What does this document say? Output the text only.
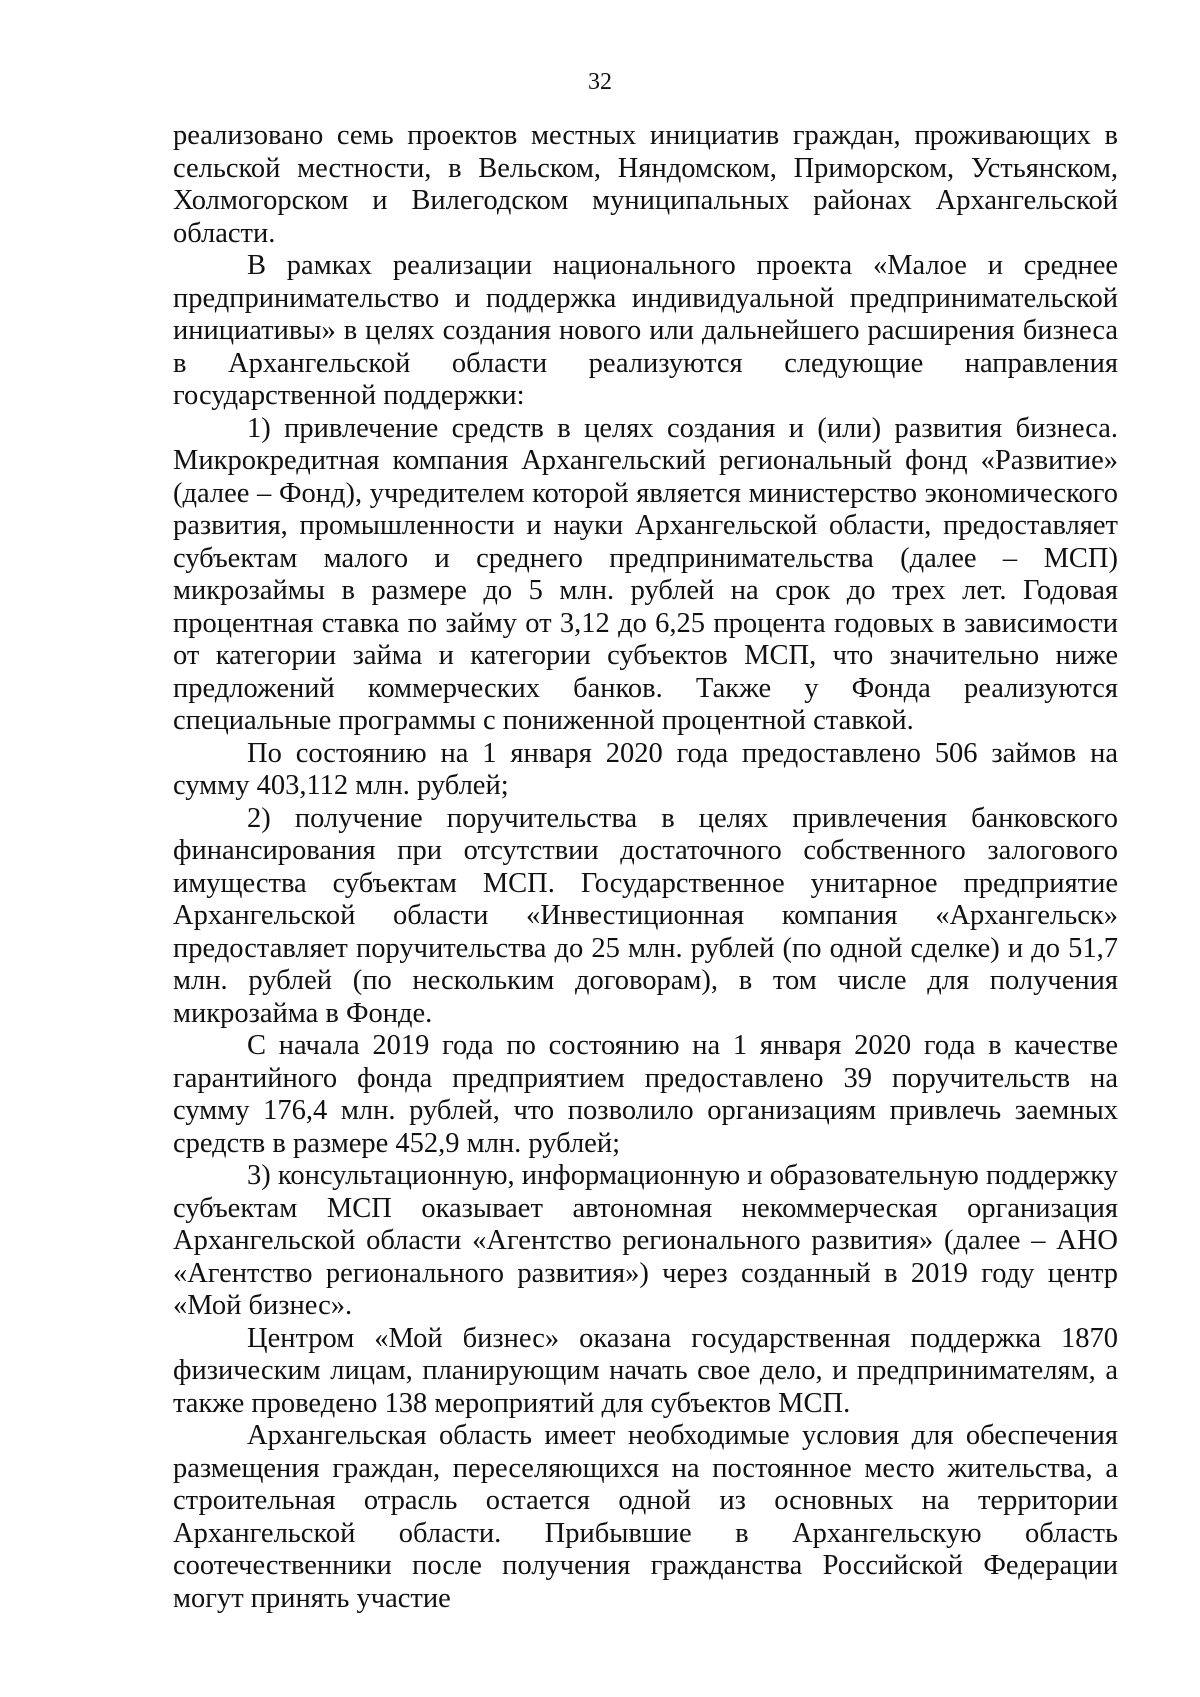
32

реализовано семь проектов местных инициатив граждан, проживающих в сельской местности, в Вельском, Няндомском, Приморском, Устьянском, Холмогорском и Вилегодском муниципальных районах Архангельской области.

В рамках реализации национального проекта «Малое и среднее предпринимательство и поддержка индивидуальной предпринимательской инициативы» в целях создания нового или дальнейшего расширения бизнеса в Архангельской области реализуются следующие направления государственной поддержки:

1) привлечение средств в целях создания и (или) развития бизнеса. Микрокредитная компания Архангельский региональный фонд «Развитие» (далее – Фонд), учредителем которой является министерство экономического развития, промышленности и науки Архангельской области, предоставляет субъектам малого и среднего предпринимательства (далее – МСП) микрозаймы в размере до 5 млн. рублей на срок до трех лет. Годовая процентная ставка по займу от 3,12 до 6,25 процента годовых в зависимости от категории займа и категории субъектов МСП, что значительно ниже предложений коммерческих банков. Также у Фонда реализуются специальные программы с пониженной процентной ставкой.

По состоянию на 1 января 2020 года предоставлено 506 займов на сумму 403,112 млн. рублей;

2) получение поручительства в целях привлечения банковского финансирования при отсутствии достаточного собственного залогового имущества субъектам МСП. Государственное унитарное предприятие Архангельской области «Инвестиционная компания «Архангельск» предоставляет поручительства до 25 млн. рублей (по одной сделке) и до 51,7 млн. рублей (по нескольким договорам), в том числе для получения микрозайма в Фонде.

С начала 2019 года по состоянию на 1 января 2020 года в качестве гарантийного фонда предприятием предоставлено 39 поручительств на сумму 176,4 млн. рублей, что позволило организациям привлечь заемных средств в размере 452,9 млн. рублей;

3) консультационную, информационную и образовательную поддержку субъектам МСП оказывает автономная некоммерческая организация Архангельской области «Агентство регионального развития» (далее – АНО «Агентство регионального развития») через созданный в 2019 году центр «Мой бизнес».

Центром «Мой бизнес» оказана государственная поддержка 1870 физическим лицам, планирующим начать свое дело, и предпринимателям, а также проведено 138 мероприятий для субъектов МСП.

Архангельская область имеет необходимые условия для обеспечения размещения граждан, переселяющихся на постоянное место жительства, а строительная отрасль остается одной из основных на территории Архангельской области. Прибывшие в Архангельскую область соотечественники после получения гражданства Российской Федерации могут принять участие
